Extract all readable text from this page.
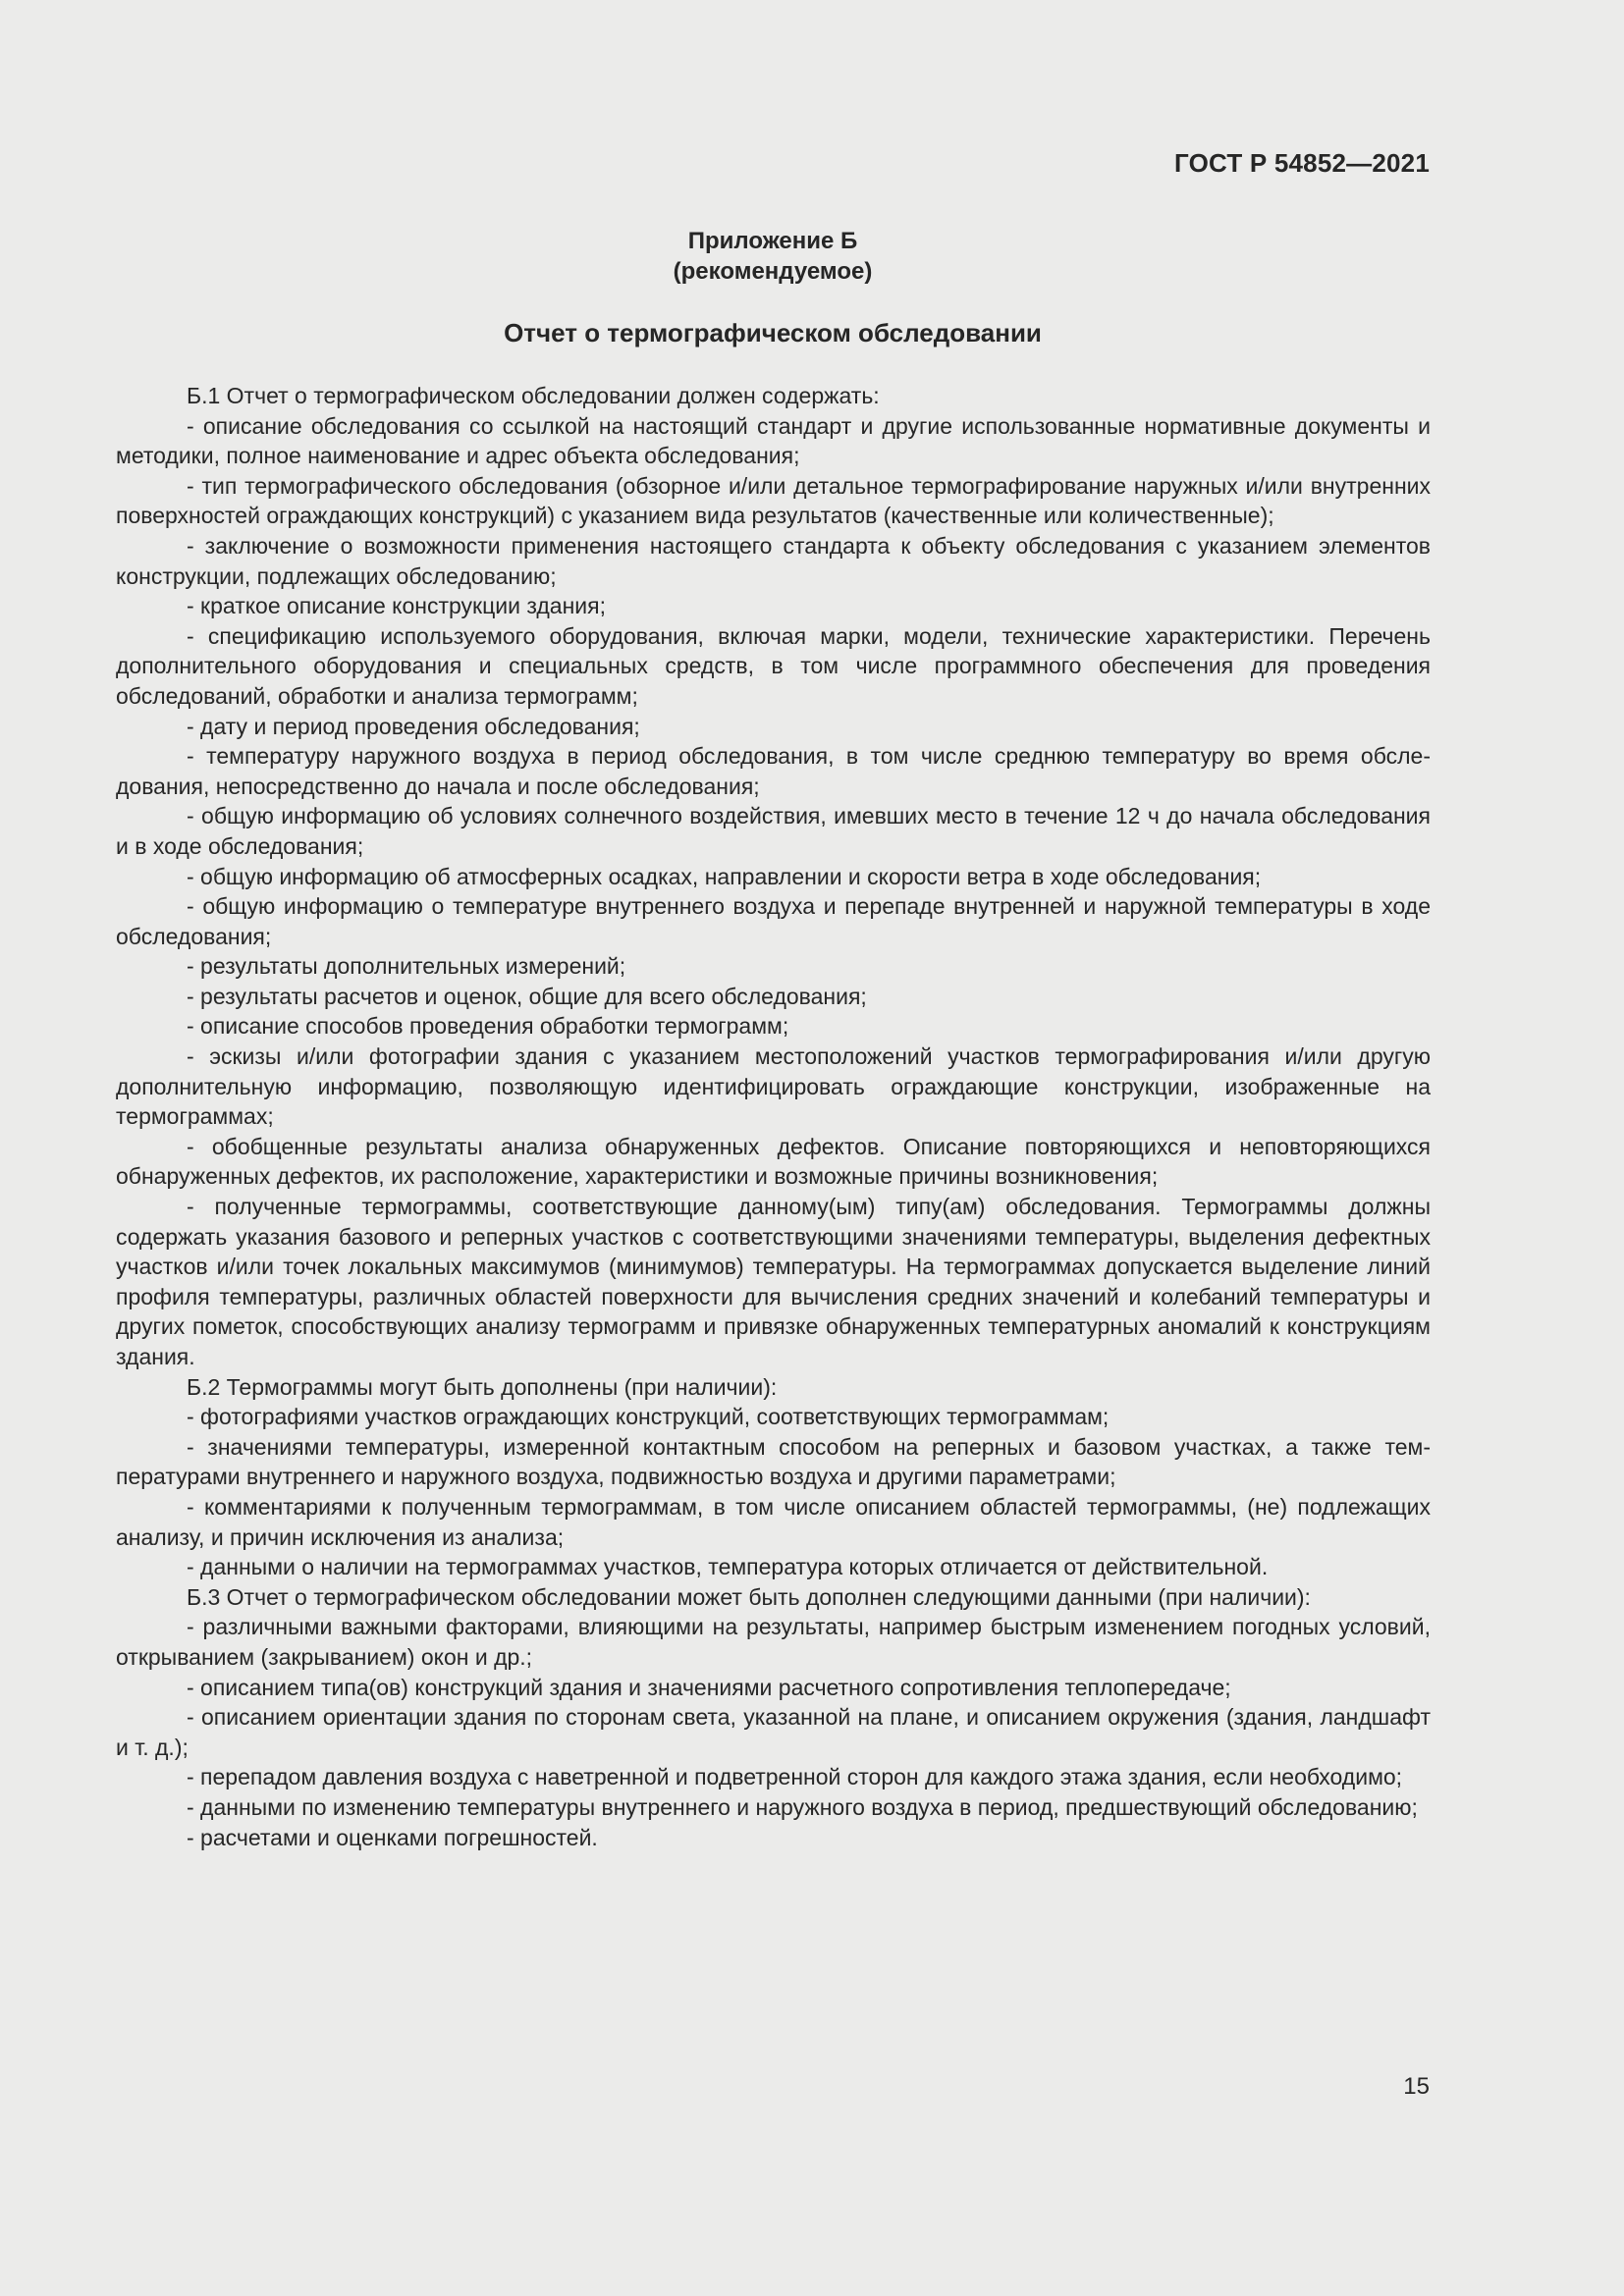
ГОСТ Р 54852—2021
Приложение Б
(рекомендуемое)
Отчет о термографическом обследовании

Б.1 Отчет о термографическом обследовании должен содержать:

- описание обследования со ссылкой на настоящий стандарт и другие использованные нормативные документы и методики, полное наименование и адрес объекта обследования;

- тип термографического обследования (обзорное и/или детальное термографирование наружных и/или внутренних поверхностей ограждающих конструкций) с указанием вида результатов (качественные или количественные);

- заключение о возможности применения настоящего стандарта к объекту обследования с указанием элементов конструкции, подлежащих обследованию;

- краткое описание конструкции здания;

- спецификацию используемого оборудования, включая марки, модели, технические характеристики. Перечень дополнительного оборудования и специальных средств, в том числе программного обеспечения для проведения обследований, обработки и анализа термограмм;

- дату и период проведения обследования;

- температуру наружного воздуха в период обследования, в том числе среднюю температуру во время обследования, непосредственно до начала и после обследования;

- общую информацию об условиях солнечного воздействия, имевших место в течение 12 ч до начала обследования и в ходе обследования;

- общую информацию об атмосферных осадках, направлении и скорости ветра в ходе обследования;

- общую информацию о температуре внутреннего воздуха и перепаде внутренней и наружной температуры в ходе обследования;

- результаты дополнительных измерений;

- результаты расчетов и оценок, общие для всего обследования;

- описание способов проведения обработки термограмм;

- эскизы и/или фотографии здания с указанием местоположений участков термографирования и/или другую дополнительную информацию, позволяющую идентифицировать ограждающие конструкции, изображенные на термограммах;

- обобщенные результаты анализа обнаруженных дефектов. Описание повторяющихся и неповторяющихся обнаруженных дефектов, их расположение, характеристики и возможные причины возникновения;

- полученные термограммы, соответствующие данному(ым) типу(ам) обследования. Термограммы должны содержать указания базового и реперных участков с соответствующими значениями температуры, выделения дефектных участков и/или точек локальных максимумов (минимумов) температуры. На термограммах допускается выделение линий профиля температуры, различных областей поверхности для вычисления средних значений и колебаний температуры и других пометок, способствующих анализу термограмм и привязке обнаруженных температурных аномалий к конструкциям здания.

Б.2 Термограммы могут быть дополнены (при наличии):

- фотографиями участков ограждающих конструкций, соответствующих термограммам;

- значениями температуры, измеренной контактным способом на реперных и базовом участках, а также температурами внутреннего и наружного воздуха, подвижностью воздуха и другими параметрами;

- комментариями к полученным термограммам, в том числе описанием областей термограммы, (не) подлежащих анализу, и причин исключения из анализа;

- данными о наличии на термограммах участков, температура которых отличается от действительной.

Б.3 Отчет о термографическом обследовании может быть дополнен следующими данными (при наличии):

- различными важными факторами, влияющими на результаты, например быстрым изменением погодных условий, открыванием (закрыванием) окон и др.;

- описанием типа(ов) конструкций здания и значениями расчетного сопротивления теплопередаче;

- описанием ориентации здания по сторонам света, указанной на плане, и описанием окружения (здания, ландшафт и т. д.);

- перепадом давления воздуха с наветренной и подветренной сторон для каждого этажа здания, если необходимо;

- данными по изменению температуры внутреннего и наружного воздуха в период, предшествующий обследованию;

- расчетами и оценками погрешностей.

15
